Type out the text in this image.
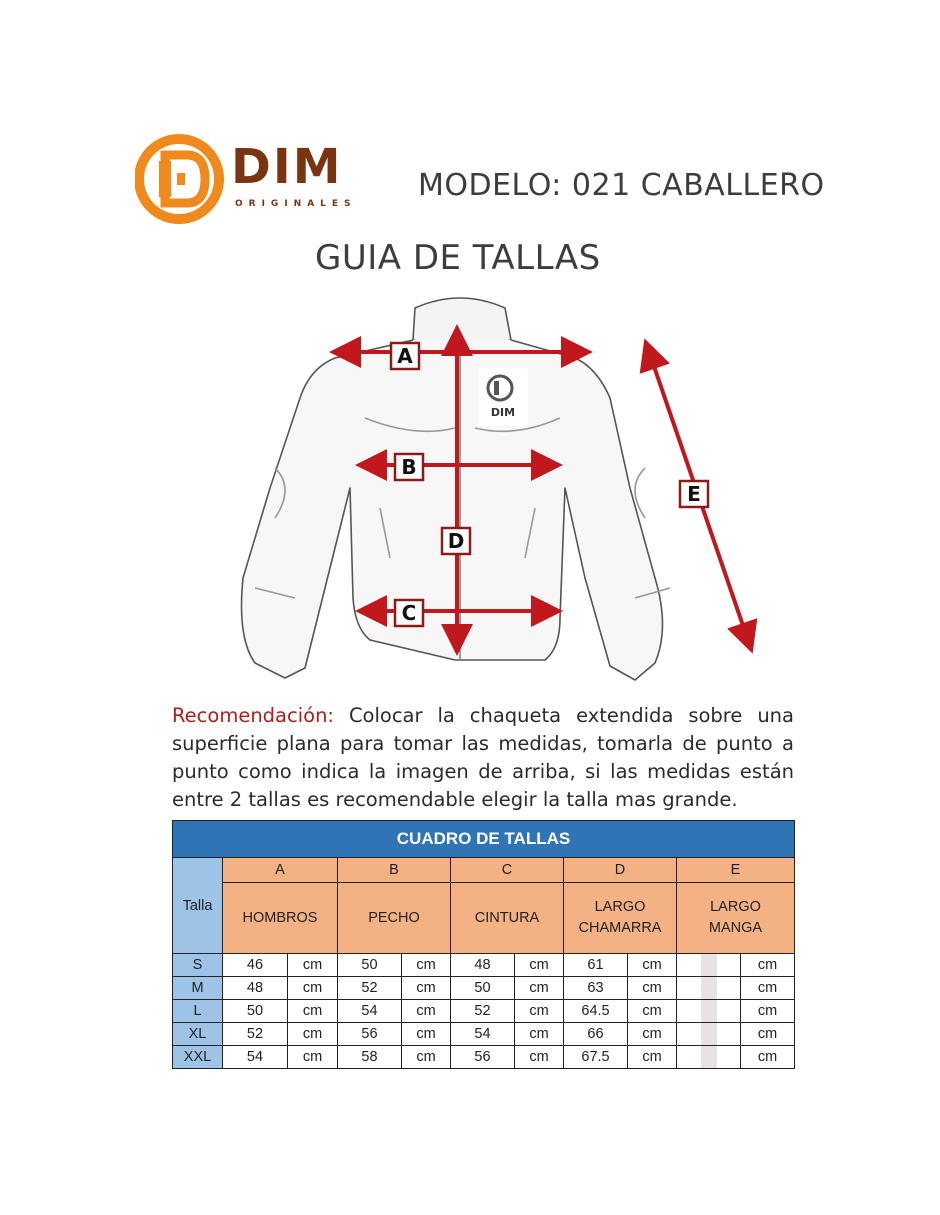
DIM
ORIGINALES
MODELO: 021 CABALLERO
GUIA DE TALLAS
DIM
A
B
C
D
E
Recomendación: Colocar la chaqueta extendida sobre una superficie plana para tomar las medidas, tomarla de punto a punto como indica la imagen de arriba, si las medidas están entre 2 tallas es recomendable elegir la talla mas grande.
CUADRO DE TALLAS										
Talla	A		B		C		D		E	
	HOMBROS		PECHO		CINTURA		LARGO CHAMARRA		LARGO MANGA	
S	46	cm	50	cm	48	cm	61	cm		cm
M	48	cm	52	cm	50	cm	63	cm		cm
L	50	cm	54	cm	52	cm	64.5	cm		cm
XL	52	cm	56	cm	54	cm	66	cm		cm
XXL	54	cm	58	cm	56	cm	67.5	cm		cm
